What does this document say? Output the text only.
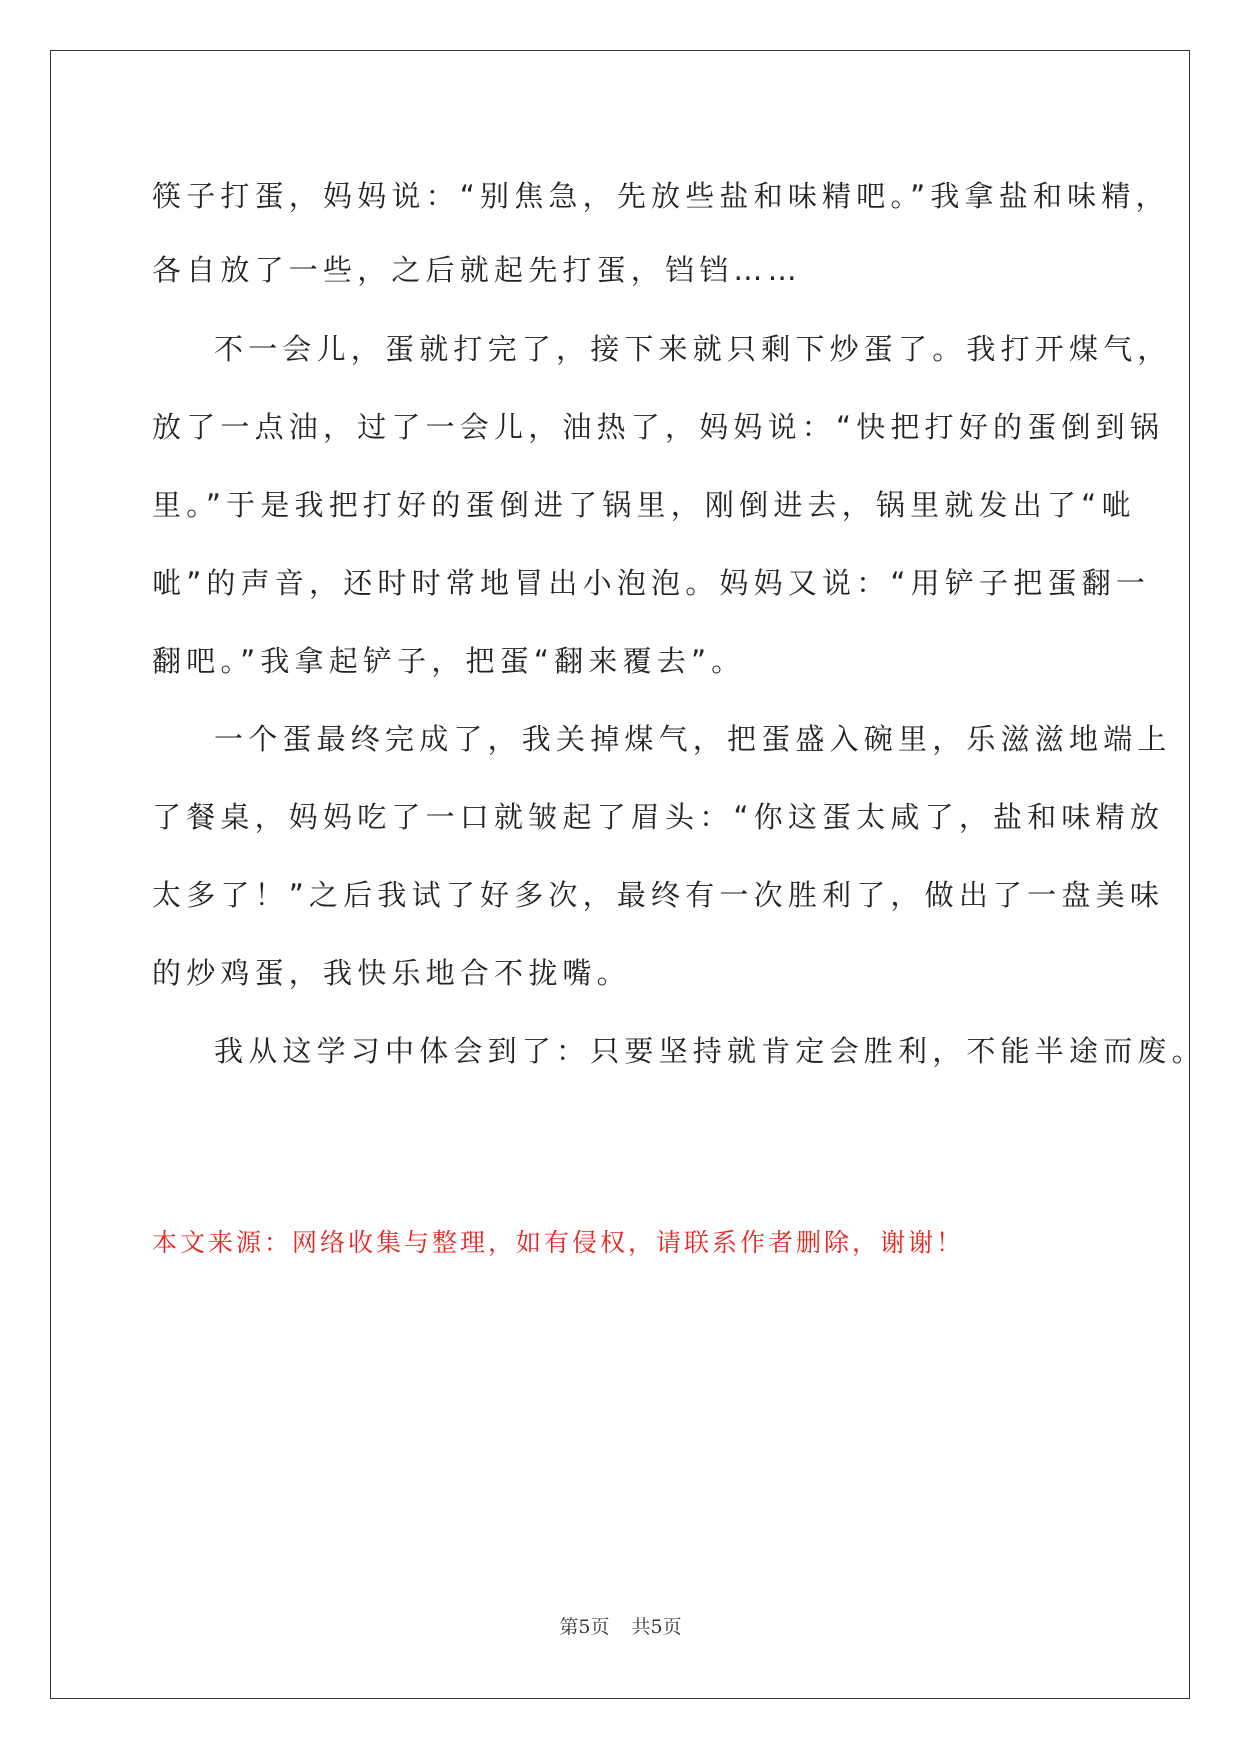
筷子打蛋，妈妈说：“别焦急，先放些盐和味精吧。”我拿盐和味精，
各自放了一些，之后就起先打蛋，铛铛……
不一会儿，蛋就打完了，接下来就只剩下炒蛋了。我打开煤气，
放了一点油，过了一会儿，油热了，妈妈说：“快把打好的蛋倒到锅
里。”于是我把打好的蛋倒进了锅里，刚倒进去，锅里就发出了“呲
呲”的声音，还时时常地冒出小泡泡。妈妈又说：“用铲子把蛋翻一
翻吧。”我拿起铲子，把蛋“翻来覆去”。
一个蛋最终完成了，我关掉煤气，把蛋盛入碗里，乐滋滋地端上
了餐桌，妈妈吃了一口就皱起了眉头：“你这蛋太咸了，盐和味精放
太多了！”之后我试了好多次，最终有一次胜利了，做出了一盘美味
的炒鸡蛋，我快乐地合不拢嘴。
我从这学习中体会到了：只要坚持就肯定会胜利，不能半途而废。
本文来源：网络收集与整理，如有侵权，请联系作者删除，谢谢！
第5页 共5页
